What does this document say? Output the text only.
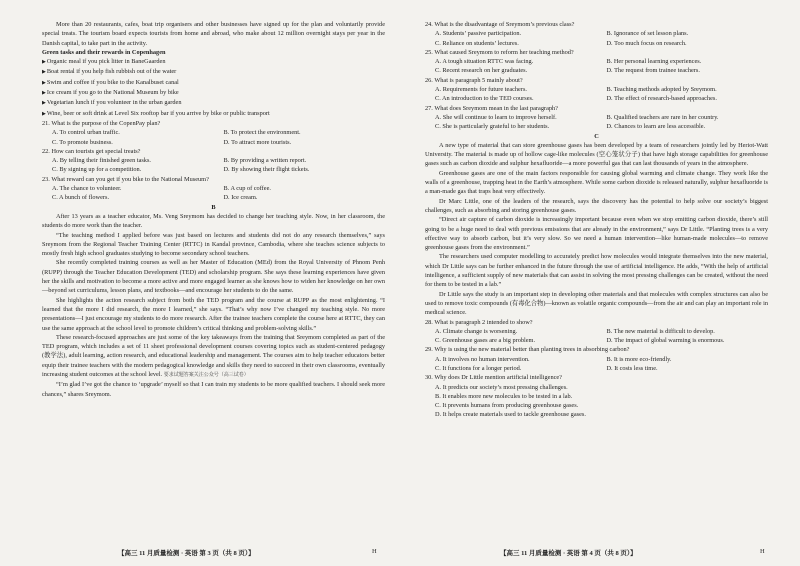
More than 20 restaurants, cafes, boat trip organisers and other businesses have signed up for the plan and voluntarily provide special treats. The tourism board expects tourists from home and abroad, who make about 12 million overnight stays per year in the Danish capital, to take part in the activity.

Green tasks and their rewards in Copenhagen

▶ Organic meal if you pick litter in BaneGaarden

▶ Boat rental if you help fish rubbish out of the water

▶ Swim and coffee if you bike to the Kanalbuset canal

▶ Ice cream if you go to the National Museum by bike

▶ Vegetarian lunch if you volunteer in the urban garden

▶ Wine, beer or soft drink at Level Six rooftop bar if you arrive by bike or public transport

21. What is the purpose of the CopenPay plan?

A. To control urban traffic.	B. To protect the environment.
C. To promote business.	D. To attract more tourists.

22. How can tourists get special treats?

A. By telling their finished green tasks.	B. By providing a written report.
C. By signing up for a competition.	D. By showing their flight tickets.

23. What reward can you get if you bike to the National Museum?

A. The chance to volunteer.	B. A cup of coffee.
C. A bunch of flowers.	D. Ice cream.

B

After 13 years as a teacher educator, Ms. Veng Sreymom has decided to change her teaching style. Now, in her classroom, the students do more work than the teacher.

“The teaching method I applied before was just based on lectures and students did not do any research themselves,” says Sreymom from the Regional Teacher Training Center (RTTC) in Kandal province, Cambodia, where she teaches science subjects to mostly fresh high school graduates studying to become secondary school teachers.

She recently completed training courses as well as her Master of Education (MEd) from the Royal University of Phnom Penh (RUPP) through the Teacher Education Development (TED) and scholarship program. She says these learning experiences have given her the skills and motivation to become a more active and more engaged learner as she knows how to widen her knowledge on her own—beyond set curriculums, lesson plans, and textbooks—and encourage her students to do the same.

She highlights the action research subject from both the TED program and the course at RUPP as the most enlightening. “I learned that the more I did research, the more I learned,” she says. “That’s why now I’ve changed my teaching style. No more presentations—I just encourage my students to do more research. After the trainee teachers complete the course here at RTTC, they can use the same approach at the school level to promote children’s critical thinking and problem-solving skills.”

These research-focused approaches are just some of the key takeaways from the training that Sreymom completed as part of the TED program, which includes a set of 11 sheet professional development courses covering topics such as student-centered pedagogy (教学法), adult learning, action research, and educational leadership and management. The courses aim to help teacher educators better equip their trainee teachers with the modern pedagogical knowledge and skills they need to succeed in their own classrooms, eventually increasing student outcomes at the school level. 要求试题答案关注公众号（高三试卷）

“I’m glad I’ve got the chance to ‘upgrade’ myself so that I can train my students to be more qualified teachers. I should seek more chances,” shares Sreymom.

【高三 11 月质量检测 · 英语 第 3 页（共 8 页）】	H

24. What is the disadvantage of Sreymom’s previous class?

A. Students’ passive participation.	B. Ignorance of set lesson plans.
C. Reliance on students’ lectures.	D. Too much focus on research.

25. What caused Sreymom to reform her teaching method?

A. A tough situation RTTC was facing.	B. Her personal learning experiences.
C. Recent research on her graduates.	D. The request from trainee teachers.

26. What is paragraph 5 mainly about?

A. Requirements for future teachers.	B. Teaching methods adopted by Sreymom.
C. An introduction to the TED courses.	D. The effect of research-based approaches.

27. What does Sreymom mean in the last paragraph?

A. She will continue to learn to improve herself.	B. Qualified teachers are rare in her country.
C. She is particularly grateful to her students.	D. Chances to learn are less accessible.

C

A new type of material that can store greenhouse gases has been developed by a team of researchers jointly led by Heriot-Watt University. The material is made up of hollow cage-like molecules (空心笼状分子) that have high storage capabilities for greenhouse gases such as carbon dioxide and sulphur hexafluoride—a more powerful gas that can last thousands of years in the atmosphere.

Greenhouse gases are one of the main factors responsible for causing global warming and climate change. They work like the walls of a greenhouse, trapping heat in the Earth’s atmosphere. While some carbon dioxide is released naturally, sulphur hexafluoride is a man-made gas that traps heat very effectively.

Dr Marc Little, one of the leaders of the research, says the discovery has the potential to help solve our society’s biggest challenges, such as absorbing and storing greenhouse gases.

“Direct air capture of carbon dioxide is increasingly important because even when we stop emitting carbon dioxide, there’s still going to be a huge need to deal with previous emissions that are already in the environment,” says Dr Little. “Planting trees is a very effective way to absorb carbon, but it’s very slow. So we need a human intervention—like human-made molecules—to remove greenhouse gases from the environment.”

The researchers used computer modelling to accurately predict how molecules would integrate themselves into the new material, which Dr Little says can be further enhanced in the future through the use of artificial intelligence. He adds, “With the help of artificial intelligence, a sufficient supply of new materials that can assist in solving the most pressing challenges can be created, without the need for them to be tested in a lab.”

Dr Little says the study is an important step in developing other materials and that molecules with complex structures can also be used to remove toxic compounds (有毒化合物)—known as volatile organic compounds—from the air and can play an important role in medical science.

28. What is paragraph 2 intended to show?

A. Climate change is worsening.	B. The new material is difficult to develop.
C. Greenhouse gases are a big problem.	D. The impact of global warming is enormous.

29. Why is using the new material better than planting trees in absorbing carbon?

A. It involves no human intervention.	B. It is more eco-friendly.
C. It functions for a longer period.	D. It costs less time.

30. Why does Dr Little mention artificial intelligence?

A. It predicts our society’s most pressing challenges.
B. It enables more new molecules to be tested in a lab.
C. It prevents humans from producing greenhouse gases.
D. It helps create materials used to tackle greenhouse gases.
【高三 11 月质量检测 · 英语 第 4 页（共 8 页）】	H
